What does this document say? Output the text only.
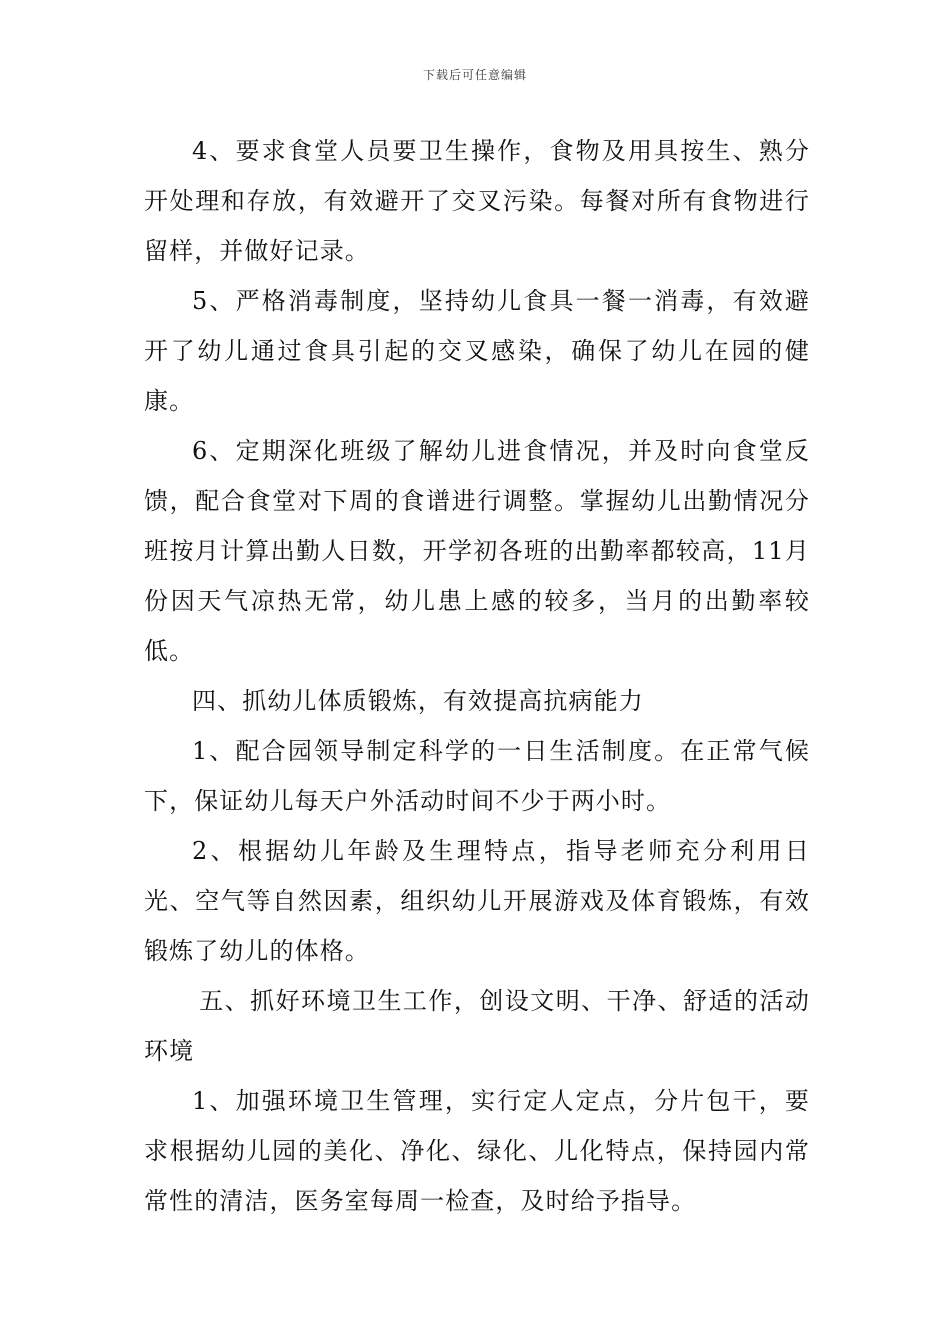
下载后可任意编辑

4、要求食堂人员要卫生操作，食物及用具按生、熟分开处理和存放，有效避开了交叉污染。每餐对所有食物进行留样，并做好记录。

5、严格消毒制度，坚持幼儿食具一餐一消毒，有效避开了幼儿通过食具引起的交叉感染，确保了幼儿在园的健康。

6、定期深化班级了解幼儿进食情况，并及时向食堂反馈，配合食堂对下周的食谱进行调整。掌握幼儿出勤情况分班按月计算出勤人日数，开学初各班的出勤率都较高，11月份因天气凉热无常，幼儿患上感的较多，当月的出勤率较低。

四、抓幼儿体质锻炼，有效提高抗病能力

1、配合园领导制定科学的一日生活制度。在正常气候下，保证幼儿每天户外活动时间不少于两小时。

2、根据幼儿年龄及生理特点，指导老师充分利用日光、空气等自然因素，组织幼儿开展游戏及体育锻炼，有效锻炼了幼儿的体格。

五、抓好环境卫生工作，创设文明、干净、舒适的活动环境

1、加强环境卫生管理，实行定人定点，分片包干，要求根据幼儿园的美化、净化、绿化、儿化特点，保持园内常常性的清洁，医务室每周一检查，及时给予指导。
